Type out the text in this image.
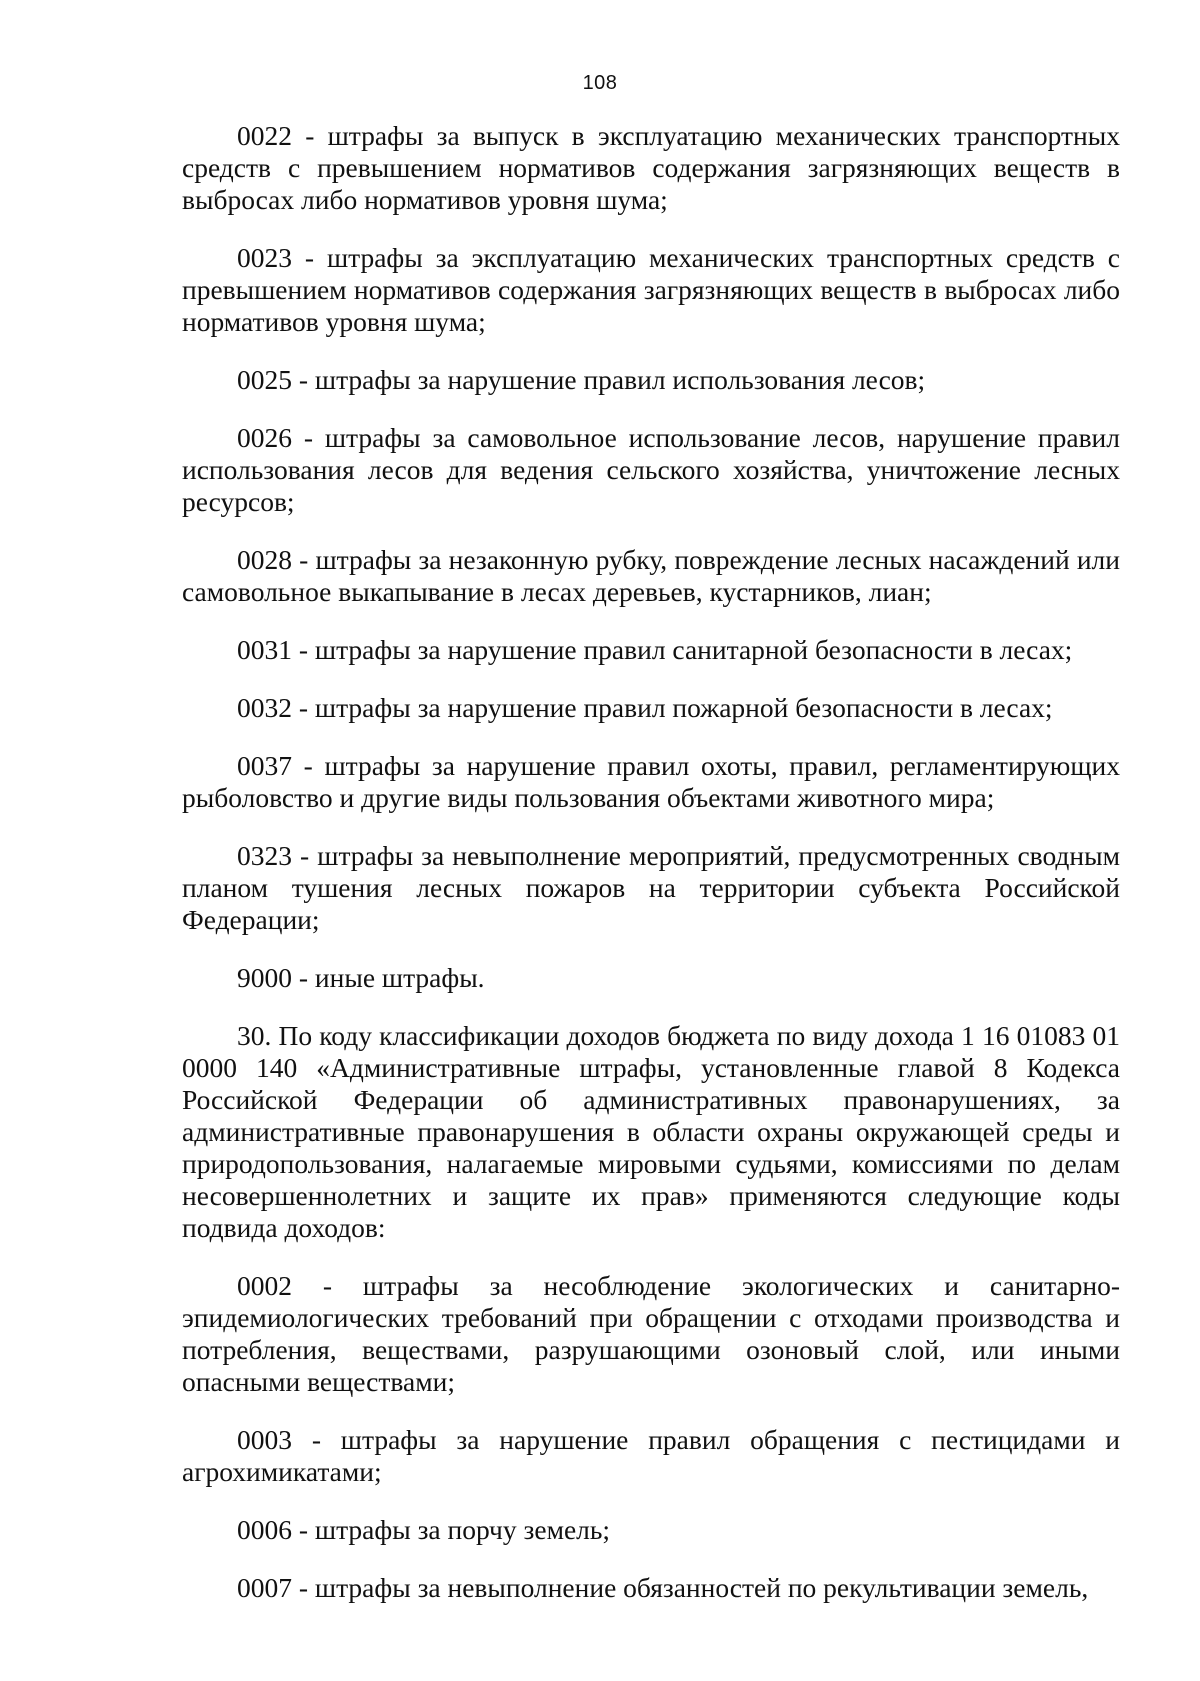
108

0022 - штрафы за выпуск в эксплуатацию механических транспортных средств с превышением нормативов содержания загрязняющих веществ в выбросах либо нормативов уровня шума;

0023 - штрафы за эксплуатацию механических транспортных средств с превышением нормативов содержания загрязняющих веществ в выбросах либо нормативов уровня шума;

0025 - штрафы за нарушение правил использования лесов;

0026 - штрафы за самовольное использование лесов, нарушение правил использования лесов для ведения сельского хозяйства, уничтожение лесных ресурсов;

0028 - штрафы за незаконную рубку, повреждение лесных насаждений или самовольное выкапывание в лесах деревьев, кустарников, лиан;

0031 - штрафы за нарушение правил санитарной безопасности в лесах;

0032 - штрафы за нарушение правил пожарной безопасности в лесах;

0037 - штрафы за нарушение правил охоты, правил, регламентирующих рыболовство и другие виды пользования объектами животного мира;

0323 - штрафы за невыполнение мероприятий, предусмотренных сводным планом тушения лесных пожаров на территории субъекта Российской Федерации;

9000 - иные штрафы.

30. По коду классификации доходов бюджета по виду дохода 1 16 01083 01 0000 140 «Административные штрафы, установленные главой 8 Кодекса Российской Федерации об административных правонарушениях, за административные правонарушения в области охраны окружающей среды и природопользования, налагаемые мировыми судьями, комиссиями по делам несовершеннолетних и защите их прав» применяются следующие коды подвида доходов:

0002 - штрафы за несоблюдение экологических и санитарно-эпидемиологических требований при обращении с отходами производства и потребления, веществами, разрушающими озоновый слой, или иными опасными веществами;

0003 - штрафы за нарушение правил обращения с пестицидами и агрохимикатами;

0006 - штрафы за порчу земель;

0007 - штрафы за невыполнение обязанностей по рекультивации земель,
